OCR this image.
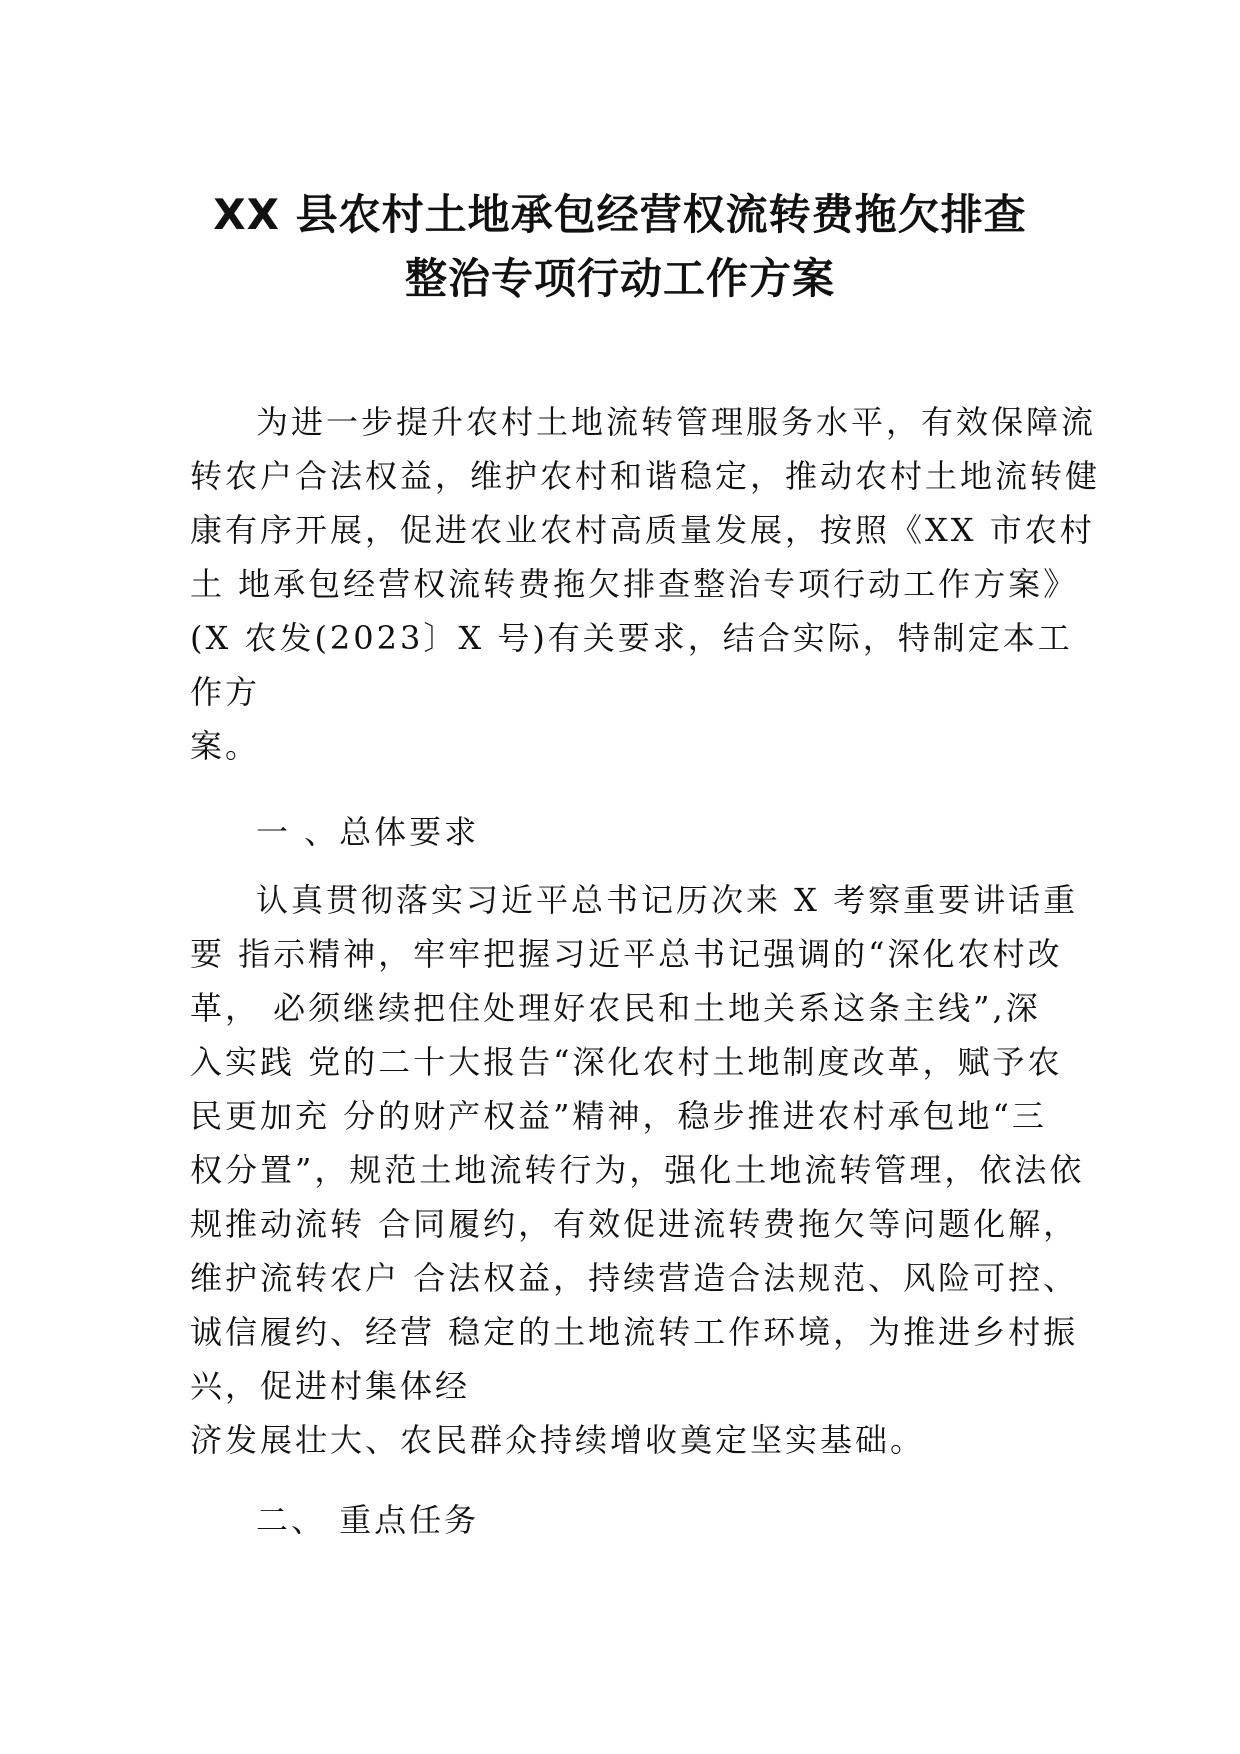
XX 县农村土地承包经营权流转费拖欠排查
整治专项行动工作方案
为进一步提升农村土地流转管理服务水平，有效保障流
转农户合法权益，维护农村和谐稳定，推动农村土地流转健
康有序开展，促进农业农村高质量发展，按照《XX 市农村
土 地承包经营权流转费拖欠排查整治专项行动工作方案》
(X 农发(2023〕X 号)有关要求，结合实际，特制定本工
作方
案。
一 、总体要求
认真贯彻落实习近平总书记历次来 X 考察重要讲话重
要 指示精神，牢牢把握习近平总书记强调的“深化农村改
革， 必须继续把住处理好农民和土地关系这条主线”,深
入实践 党的二十大报告“深化农村土地制度改革，赋予农
民更加充 分的财产权益”精神，稳步推进农村承包地“三
权分置”，规范土地流转行为，强化土地流转管理，依法依
规推动流转 合同履约，有效促进流转费拖欠等问题化解，
维护流转农户 合法权益，持续营造合法规范、风险可控、
诚信履约、经营 稳定的土地流转工作环境，为推进乡村振
兴，促进村集体经
济发展壮大、农民群众持续增收奠定坚实基础。
二、 重点任务
